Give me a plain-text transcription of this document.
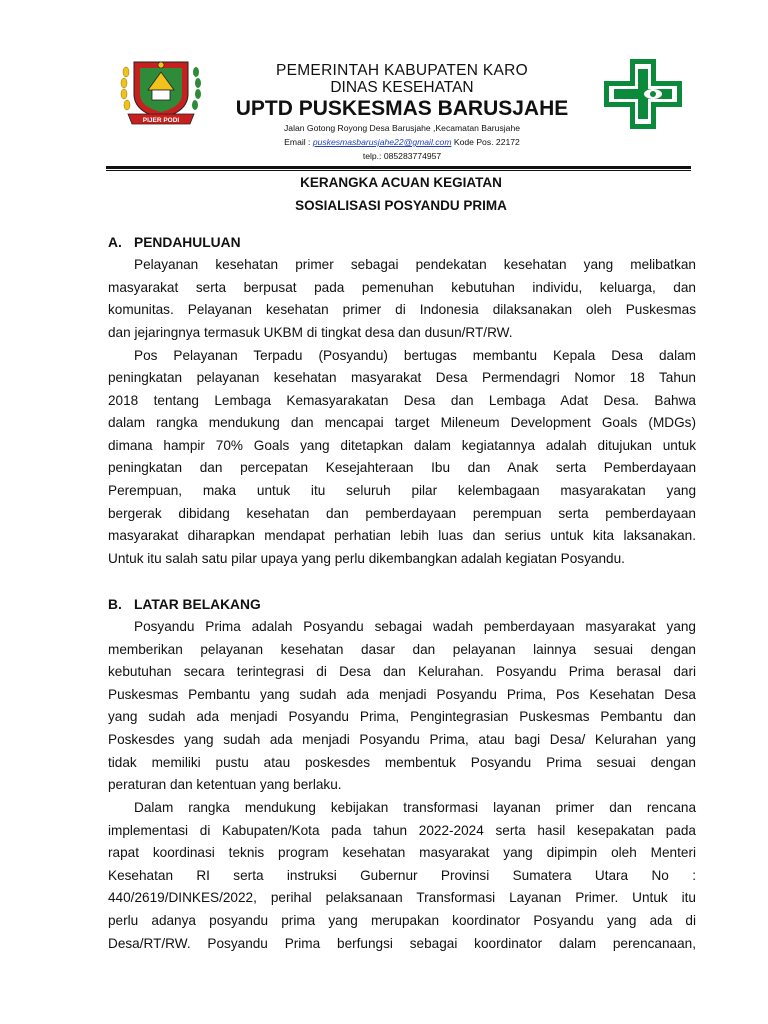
PIJER PODI
PEMERINTAH KABUPATEN KARO
DINAS KESEHATAN
UPTD PUSKESMAS BARUSJAHE
Jalan Gotong Royong Desa Barusjahe ,Kecamatan Barusjahe
Email : puskesmasbarusjahe22@gmail.com Kode Pos. 22172
telp.: 085283774957
KERANGKA ACUAN KEGIATAN
SOSIALISASI POSYANDU PRIMA
A. PENDAHULUAN
Pelayanan kesehatan primer sebagai pendekatan kesehatan yang melibatkan
masyarakat serta berpusat pada pemenuhan kebutuhan individu, keluarga, dan
komunitas. Pelayanan kesehatan primer di Indonesia dilaksanakan oleh Puskesmas
dan jejaringnya termasuk UKBM di tingkat desa dan dusun/RT/RW.
Pos Pelayanan Terpadu (Posyandu) bertugas membantu Kepala Desa dalam
peningkatan pelayanan kesehatan masyarakat Desa Permendagri Nomor 18 Tahun
2018 tentang Lembaga Kemasyarakatan Desa dan Lembaga Adat Desa. Bahwa
dalam rangka mendukung dan mencapai target Mileneum Development Goals (MDGs)
dimana hampir 70% Goals yang ditetapkan dalam kegiatannya adalah ditujukan untuk
peningkatan dan percepatan Kesejahteraan Ibu dan Anak serta Pemberdayaan
Perempuan, maka untuk itu seluruh pilar kelembagaan masyarakatan yang
bergerak dibidang kesehatan dan pemberdayaan perempuan serta pemberdayaan
masyarakat diharapkan mendapat perhatian lebih luas dan serius untuk kita laksanakan.
Untuk itu salah satu pilar upaya yang perlu dikembangkan adalah kegiatan Posyandu.
B. LATAR BELAKANG
Posyandu Prima adalah Posyandu sebagai wadah pemberdayaan masyarakat yang
memberikan pelayanan kesehatan dasar dan pelayanan lainnya sesuai dengan
kebutuhan secara terintegrasi di Desa dan Kelurahan. Posyandu Prima berasal dari
Puskesmas Pembantu yang sudah ada menjadi Posyandu Prima, Pos Kesehatan Desa
yang sudah ada menjadi Posyandu Prima, Pengintegrasian Puskesmas Pembantu dan
Poskesdes yang sudah ada menjadi Posyandu Prima, atau bagi Desa/ Kelurahan yang
tidak memiliki pustu atau poskesdes membentuk Posyandu Prima sesuai dengan
peraturan dan ketentuan yang berlaku.
Dalam rangka mendukung kebijakan transformasi layanan primer dan rencana
implementasi di Kabupaten/Kota pada tahun 2022-2024 serta hasil kesepakatan pada
rapat koordinasi teknis program kesehatan masyarakat yang dipimpin oleh Menteri
Kesehatan RI serta instruksi Gubernur Provinsi Sumatera Utara No :
440/2619/DINKES/2022, perihal pelaksanaan Transformasi Layanan Primer. Untuk itu
perlu adanya posyandu prima yang merupakan koordinator Posyandu yang ada di
Desa/RT/RW. Posyandu Prima berfungsi sebagai koordinator dalam perencanaan,
